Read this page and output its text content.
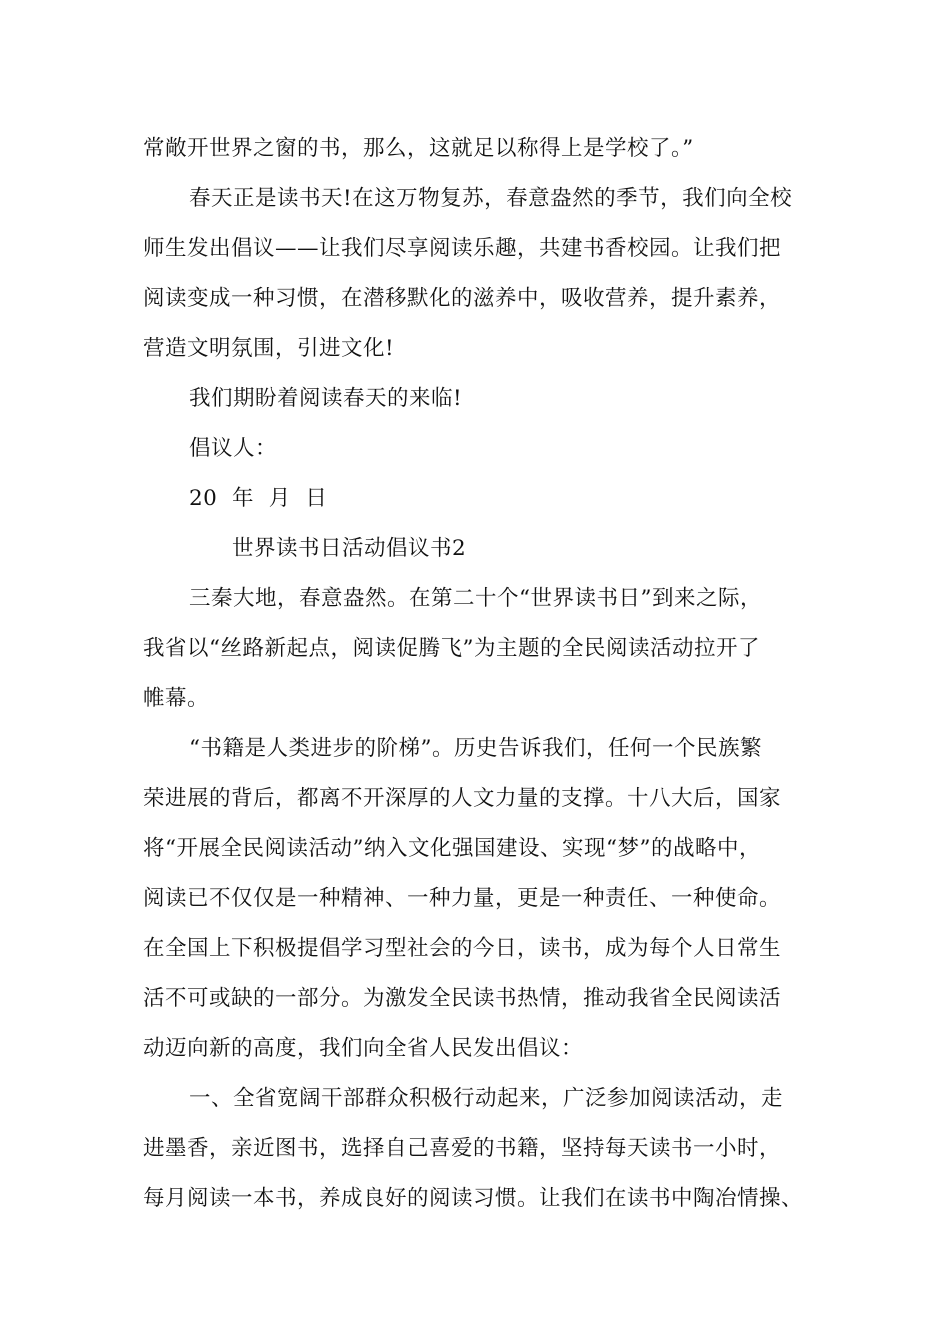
常敞开世界之窗的书，那么，这就足以称得上是学校了。”
春天正是读书天!在这万物复苏，春意盎然的季节，我们向全校
师生发出倡议——让我们尽享阅读乐趣，共建书香校园。让我们把
阅读变成一种习惯，在潜移默化的滋养中，吸收营养，提升素养，
营造文明氛围，引进文化!
我们期盼着阅读春天的来临!
倡议人：
20  年  月  日
世界读书日活动倡议书2
三秦大地，春意盎然。在第二十个“世界读书日”到来之际，
我省以“丝路新起点，阅读促腾飞”为主题的全民阅读活动拉开了
帷幕。
“书籍是人类进步的阶梯”。历史告诉我们，任何一个民族繁
荣进展的背后，都离不开深厚的人文力量的支撑。十八大后，国家
将“开展全民阅读活动”纳入文化强国建设、实现“梦”的战略中，
阅读已不仅仅是一种精神、一种力量，更是一种责任、一种使命。
在全国上下积极提倡学习型社会的今日，读书，成为每个人日常生
活不可或缺的一部分。为激发全民读书热情，推动我省全民阅读活
动迈向新的高度，我们向全省人民发出倡议：
一、全省宽阔干部群众积极行动起来，广泛参加阅读活动，走
进墨香，亲近图书，选择自己喜爱的书籍，坚持每天读书一小时，
每月阅读一本书，养成良好的阅读习惯。让我们在读书中陶冶情操、
